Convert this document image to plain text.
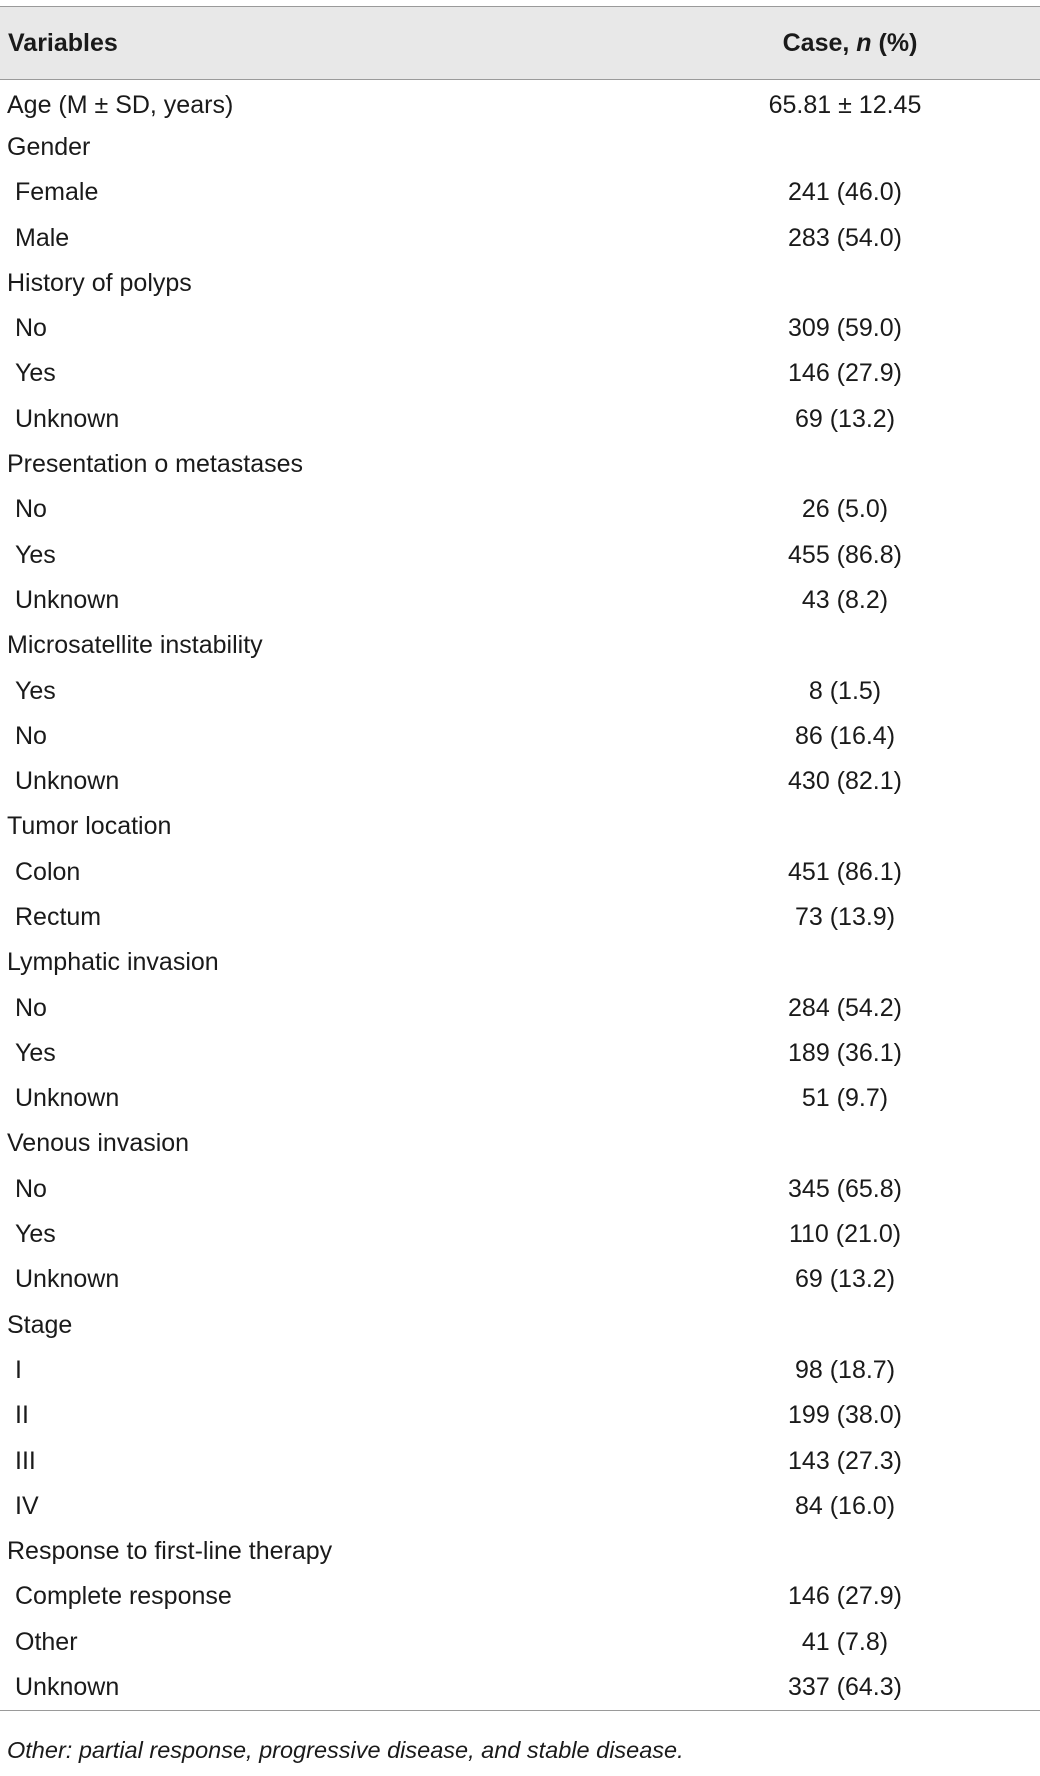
Variables	Case, n (%)
Age (M ± SD, years)	65.81 ± 12.45
Gender	
Female	241 (46.0)
Male	283 (54.0)
History of polyps	
No	309 (59.0)
Yes	146 (27.9)
Unknown	69 (13.2)
Presentation o metastases	
No	26 (5.0)
Yes	455 (86.8)
Unknown	43 (8.2)
Microsatellite instability	
Yes	8 (1.5)
No	86 (16.4)
Unknown	430 (82.1)
Tumor location	
Colon	451 (86.1)
Rectum	73 (13.9)
Lymphatic invasion	
No	284 (54.2)
Yes	189 (36.1)
Unknown	51 (9.7)
Venous invasion	
No	345 (65.8)
Yes	110 (21.0)
Unknown	69 (13.2)
Stage	
I	98 (18.7)
II	199 (38.0)
III	143 (27.3)
IV	84 (16.0)
Response to first-line therapy	
Complete response	146 (27.9)
Other	41 (7.8)
Unknown	337 (64.3)
Other: partial response, progressive disease, and stable disease.
